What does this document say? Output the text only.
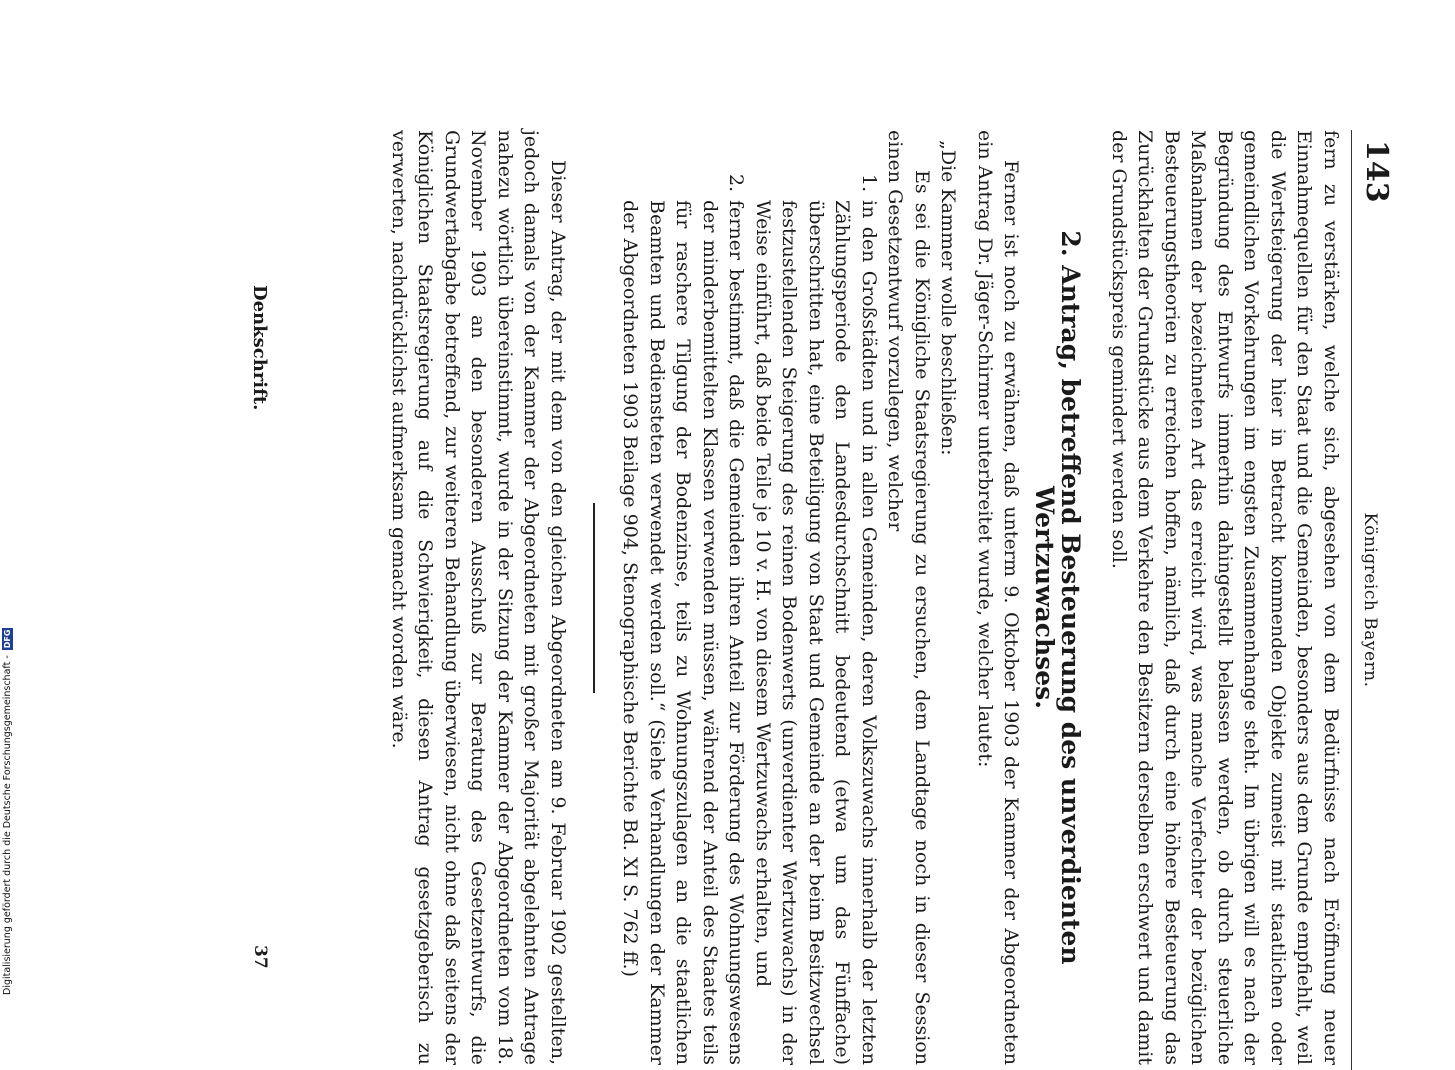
143
Königreich Bayern.

fern zu verstärken, welche sich, abgesehen von dem Bedürfnisse nach Eröffnung neuer Einnahmequellen für den Staat und die Gemeinden, besonders aus dem Grunde empfiehlt, weil die Wertsteigerung der hier in Betracht kommenden Objekte zumeist mit staatlichen oder gemeindlichen Vorkehrungen im engsten Zusammenhange steht. Im übrigen will es nach der Begründung des Entwurfs immerhin dahingestellt belassen werden, ob durch steuerliche Maßnahmen der bezeichneten Art das erreicht wird, was manche Verfechter der bezüglichen Besteuerungstheorien zu erreichen hoffen, nämlich, daß durch eine höhere Besteuerung das Zurückhalten der Grundstücke aus dem Verkehre den Besitzern derselben erschwert und damit der Grundstückspreis gemindert werden soll.

2. Antrag, betreffend Besteuerung des unverdienten Wertzuwachses.

Ferner ist noch zu erwähnen, daß unterm 9. Oktober 1903 der Kammer der Abgeordneten ein Antrag Dr. Jäger-Schirmer unterbreitet wurde, welcher lautet:

„Die Kammer wolle beschließen:

Es sei die Königliche Staatsregierung zu ersuchen, dem Landtage noch in dieser Session einen Gesetzentwurf vorzulegen, welcher

1.
in den Großstädten und in allen Gemeinden, deren Volkszuwachs innerhalb der letzten Zählungsperiode den Landesdurchschnitt bedeutend (etwa um das Fünffache) überschritten hat, eine Beteiligung von Staat und Gemeinde an der beim Besitzwechsel festzustellenden Steigerung des reinen Bodenwerts (unverdienter Wertzuwachs) in der Weise einführt, daß beide Teile je 10 v. H. von diesem Wertzuwachs erhalten, und

2.
ferner bestimmt, daß die Gemeinden ihren Anteil zur Förderung des Wohnungswesens der minderbemittelten Klassen verwenden müssen, während der Anteil des Staates teils für raschere Tilgung der Bodenzinse, teils zu Wohnungszulagen an die staatlichen Beamten und Bediensteten verwendet werden soll.“ (Siehe Verhandlungen der Kammer der Abgeordneten 1903 Beilage 904, Stenographische Berichte Bd. XI S. 762 ff.)

Dieser Antrag, der mit dem von den gleichen Abgeordneten am 9. Februar 1902 gestellten, jedoch damals von der Kammer der Abgeordneten mit großer Majorität abgelehnten Antrage nahezu wörtlich übereinstimmt, wurde in der Sitzung der Kammer der Abgeordneten vom 18. November 1903 an den besonderen Ausschuß zur Beratung des Gesetzentwurfs, die Grundwertabgabe betreffend, zur weiteren Behandlung überwiesen, nicht ohne daß seitens der Königlichen Staatsregierung auf die Schwierigkeit, diesen Antrag gesetzgeberisch zu verwerten, nachdrücklichst aufmerksam gemacht worden wäre.

Denkschrift.
37
Digitalisierung gefördert durch die Deutsche Forschungsgemeinschaft - DFG
